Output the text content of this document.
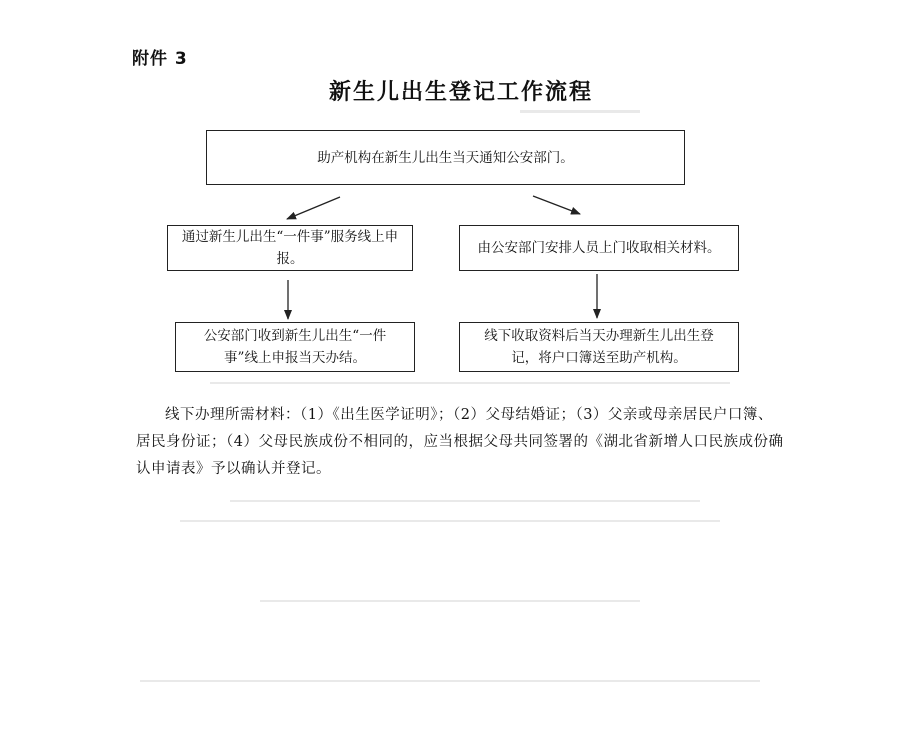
附件 3
新生儿出生登记工作流程
助产机构在新生儿出生当天通知公安部门。
通过新生儿出生“一件事”服务线上申报。
由公安部门安排人员上门收取相关材料。
公安部门收到新生儿出生“一件事”线上申报当天办结。
线下收取资料后当天办理新生儿出生登记，将户口簿送至助产机构。
线下办理所需材料：（1）《出生医学证明》；（2）父母结婚证；（3）父亲或母亲居民户口簿、居民身份证；（4）父母民族成份不相同的，应当根据父母共同签署的《湖北省新增人口民族成份确认申请表》予以确认并登记。
